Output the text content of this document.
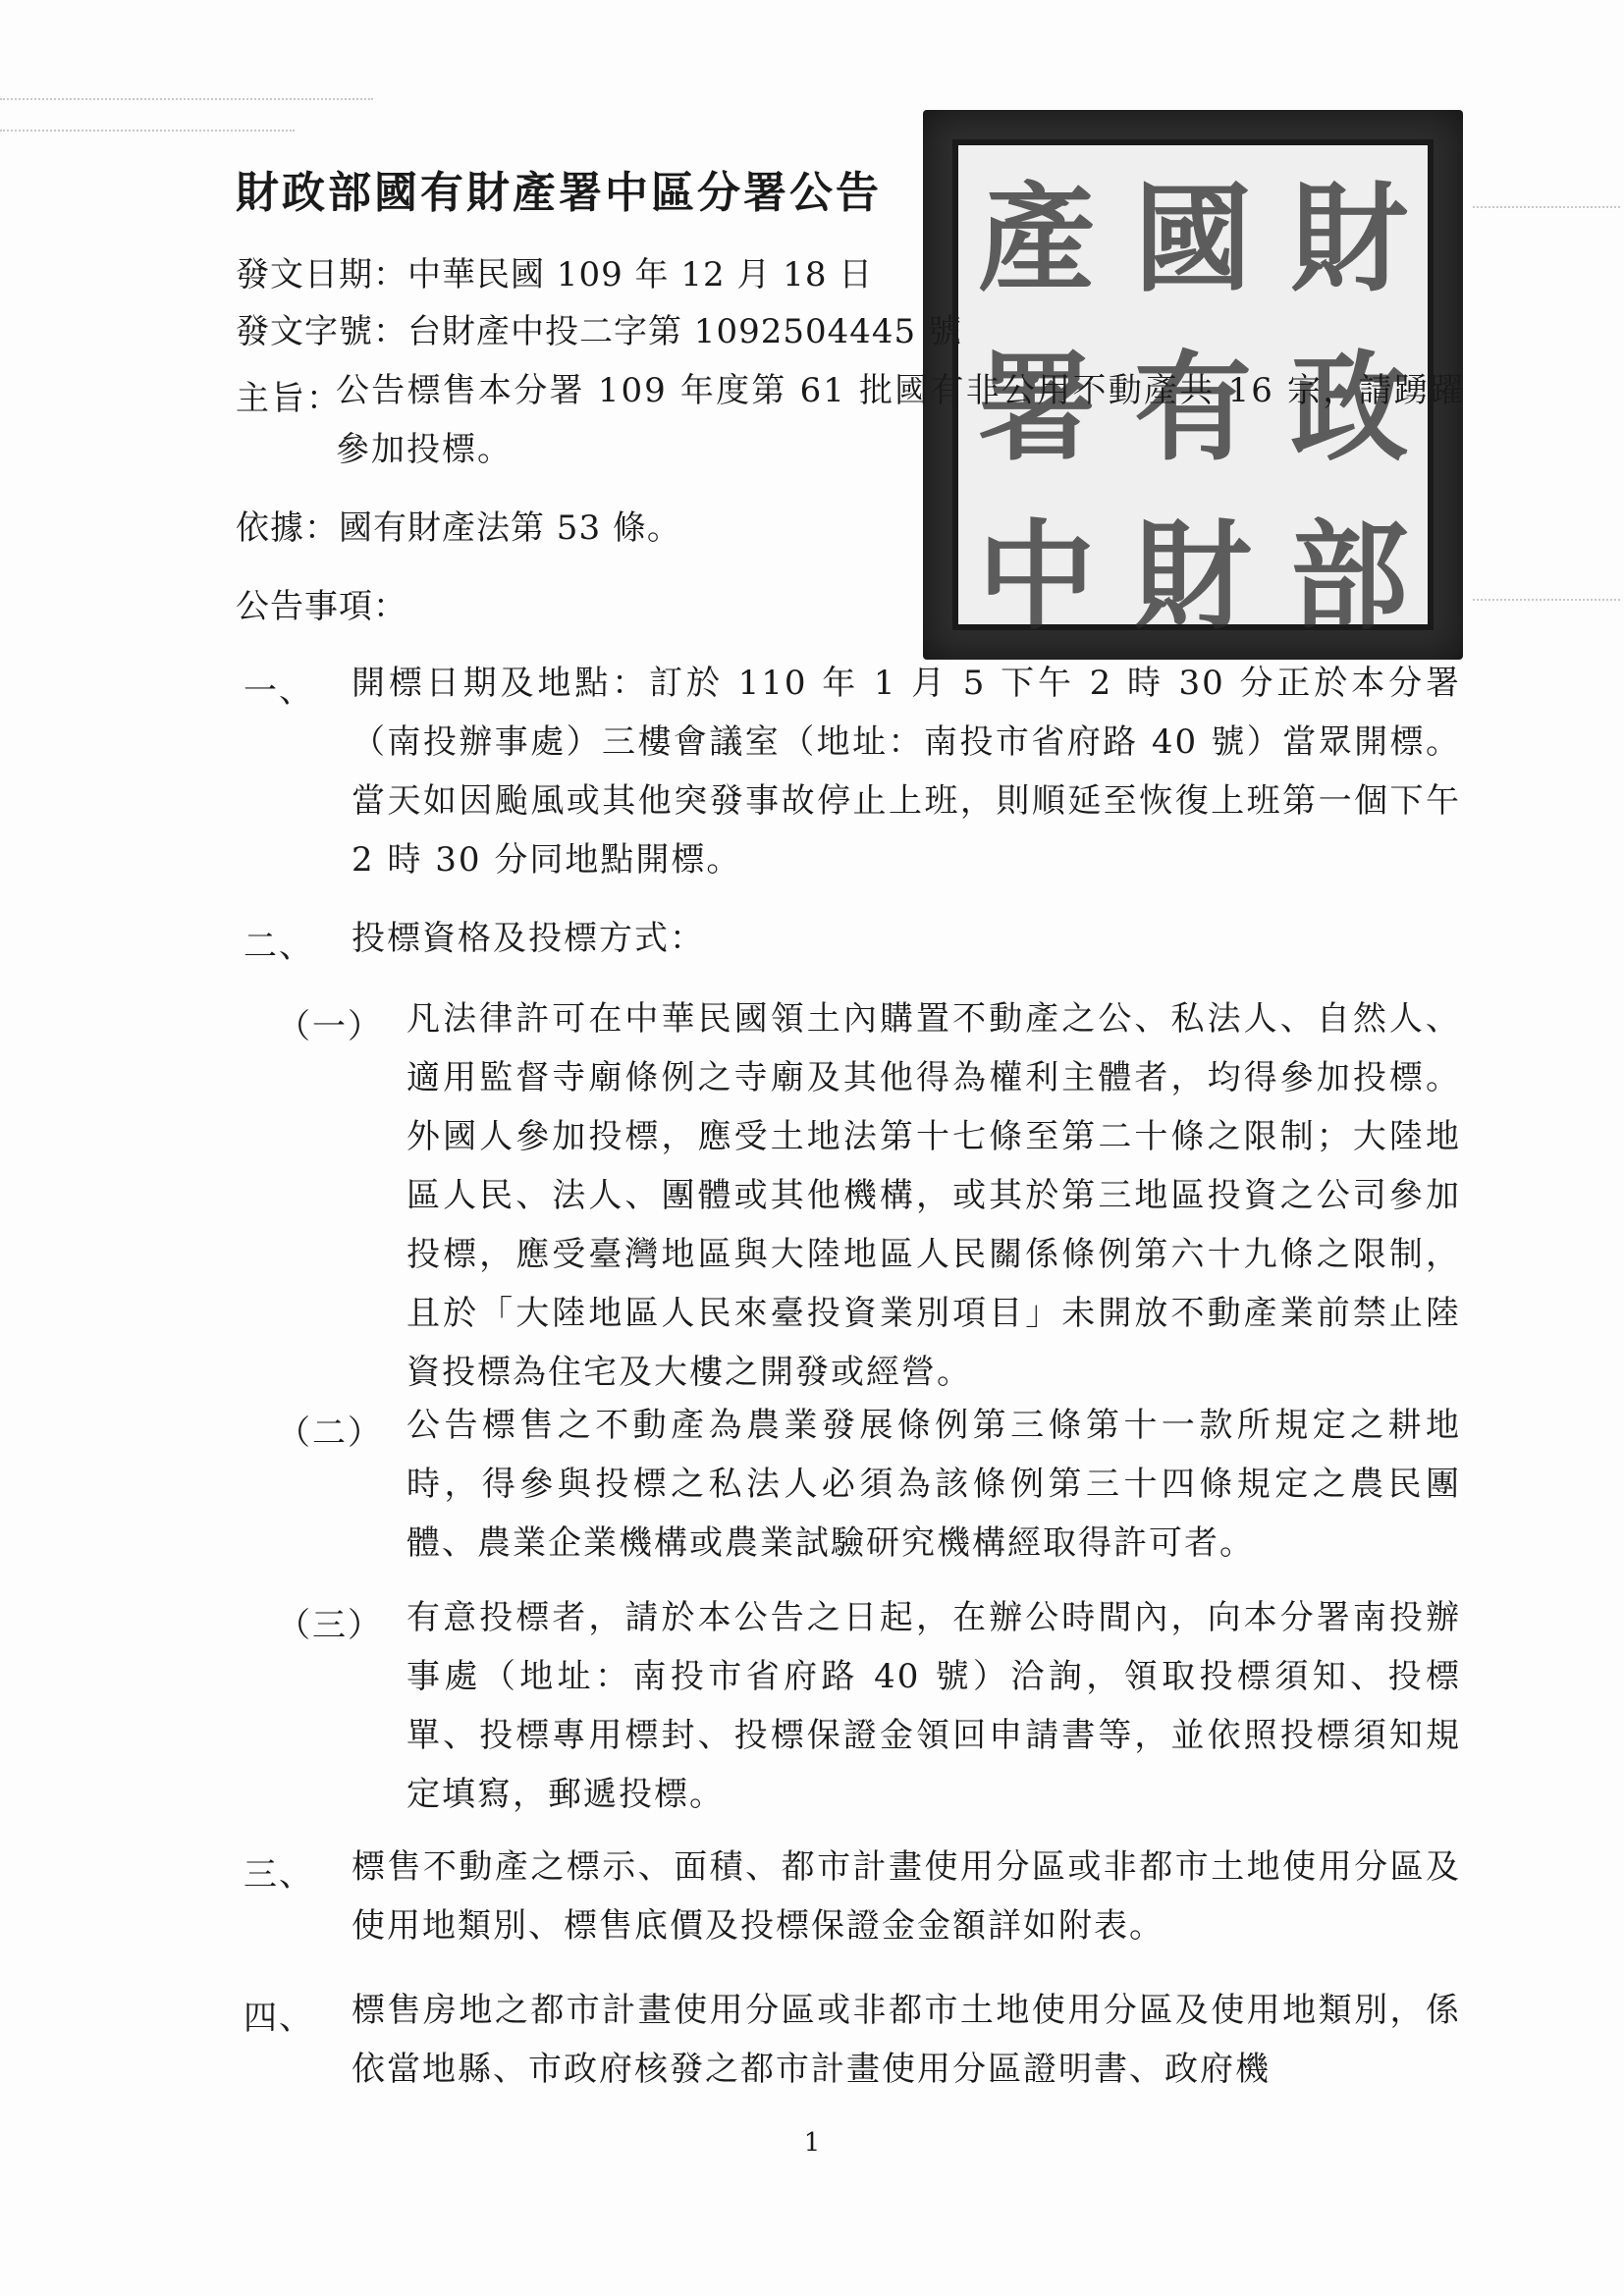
財
國
產
政
有
署
部
財
中
財政部國有財產署中區分署公告
發文日期：中華民國 109 年 12 月 18 日
發文字號：台財產中投二字第 1092504445 號
主旨：
公告標售本分署 109 年度第 61 批國有非公用不動產共 16 宗，請踴躍參加投標。
依據：國有財產法第 53 條。
公告事項：
一、 開標日期及地點：訂於 110 年 1 月 5 下午 2 時 30 分正於本分署（南投辦事處）三樓會議室（地址：南投市省府路 40 號）當眾開標。當天如因颱風或其他突發事故停止上班，則順延至恢復上班第一個下午 2 時 30 分同地點開標。
二、 投標資格及投標方式：
（一） 凡法律許可在中華民國領土內購置不動產之公、私法人、自然人、適用監督寺廟條例之寺廟及其他得為權利主體者，均得參加投標。外國人參加投標，應受土地法第十七條至第二十條之限制；大陸地區人民、法人、團體或其他機構，或其於第三地區投資之公司參加投標，應受臺灣地區與大陸地區人民關係條例第六十九條之限制，且於「大陸地區人民來臺投資業別項目」未開放不動產業前禁止陸資投標為住宅及大樓之開發或經營。
（二） 公告標售之不動產為農業發展條例第三條第十一款所規定之耕地時，得參與投標之私法人必須為該條例第三十四條規定之農民團體、農業企業機構或農業試驗研究機構經取得許可者。
（三） 有意投標者，請於本公告之日起，在辦公時間內，向本分署南投辦事處（地址：南投市省府路 40 號）洽詢，領取投標須知、投標單、投標專用標封、投標保證金領回申請書等，並依照投標須知規定填寫，郵遞投標。
三、 標售不動產之標示、面積、都市計畫使用分區或非都市土地使用分區及使用地類別、標售底價及投標保證金金額詳如附表。
四、 標售房地之都市計畫使用分區或非都市土地使用分區及使用地類別，係依當地縣、市政府核發之都市計畫使用分區證明書、政府機
1
